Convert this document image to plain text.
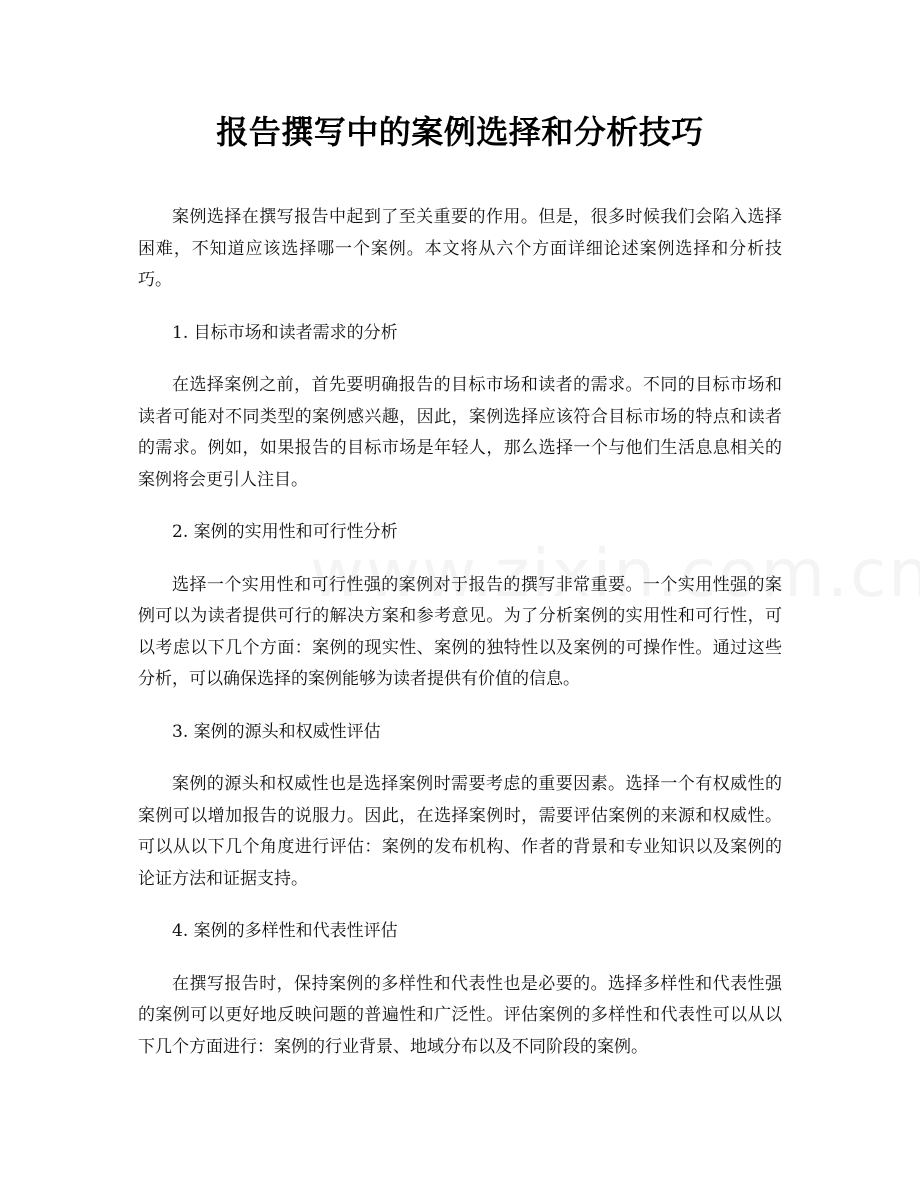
报告撰写中的案例选择和分析技巧

案例选择在撰写报告中起到了至关重要的作用。但是，很多时候我们会陷入选择困难，不知道应该选择哪一个案例。本文将从六个方面详细论述案例选择和分析技巧。

1. 目标市场和读者需求的分析

在选择案例之前，首先要明确报告的目标市场和读者的需求。不同的目标市场和读者可能对不同类型的案例感兴趣，因此，案例选择应该符合目标市场的特点和读者的需求。例如，如果报告的目标市场是年轻人，那么选择一个与他们生活息息相关的案例将会更引人注目。

2. 案例的实用性和可行性分析

选择一个实用性和可行性强的案例对于报告的撰写非常重要。一个实用性强的案例可以为读者提供可行的解决方案和参考意见。为了分析案例的实用性和可行性，可以考虑以下几个方面：案例的现实性、案例的独特性以及案例的可操作性。通过这些分析，可以确保选择的案例能够为读者提供有价值的信息。

3. 案例的源头和权威性评估

案例的源头和权威性也是选择案例时需要考虑的重要因素。选择一个有权威性的案例可以增加报告的说服力。因此，在选择案例时，需要评估案例的来源和权威性。可以从以下几个角度进行评估：案例的发布机构、作者的背景和专业知识以及案例的论证方法和证据支持。

4. 案例的多样性和代表性评估

在撰写报告时，保持案例的多样性和代表性也是必要的。选择多样性和代表性强的案例可以更好地反映问题的普遍性和广泛性。评估案例的多样性和代表性可以从以下几个方面进行：案例的行业背景、地域分布以及不同阶段的案例。
